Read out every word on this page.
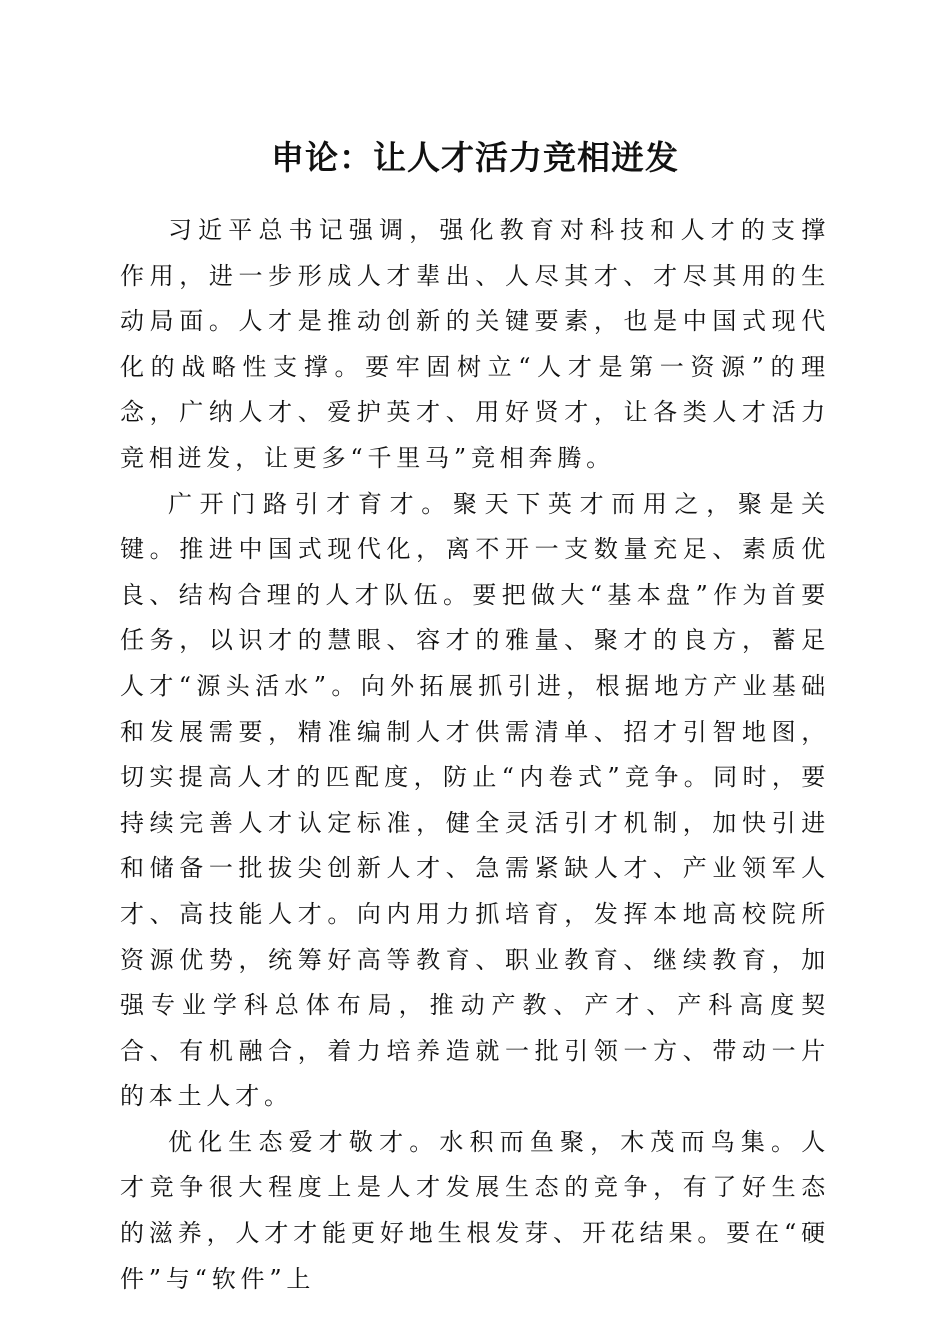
申论：让人才活力竞相迸发

习近平总书记强调，强化教育对科技和人才的支撑作用，进一步形成人才辈出、人尽其才、才尽其用的生动局面。人才是推动创新的关键要素，也是中国式现代化的战略性支撑。要牢固树立“人才是第一资源”的理念，广纳人才、爱护英才、用好贤才，让各类人才活力竞相迸发，让更多“千里马”竞相奔腾。

广开门路引才育才。聚天下英才而用之，聚是关键。推进中国式现代化，离不开一支数量充足、素质优良、结构合理的人才队伍。要把做大“基本盘”作为首要任务，以识才的慧眼、容才的雅量、聚才的良方，蓄足人才“源头活水”。向外拓展抓引进，根据地方产业基础和发展需要，精准编制人才供需清单、招才引智地图，切实提高人才的匹配度，防止“内卷式”竞争。同时，要持续完善人才认定标准，健全灵活引才机制，加快引进和储备一批拔尖创新人才、急需紧缺人才、产业领军人才、高技能人才。向内用力抓培育，发挥本地高校院所资源优势，统筹好高等教育、职业教育、继续教育，加强专业学科总体布局，推动产教、产才、产科高度契合、有机融合，着力培养造就一批引领一方、带动一片的本土人才。

优化生态爱才敬才。水积而鱼聚，木茂而鸟集。人才竞争很大程度上是人才发展生态的竞争，有了好生态的滋养，人才才能更好地生根发芽、开花结果。要在“硬件”与“软件”上
